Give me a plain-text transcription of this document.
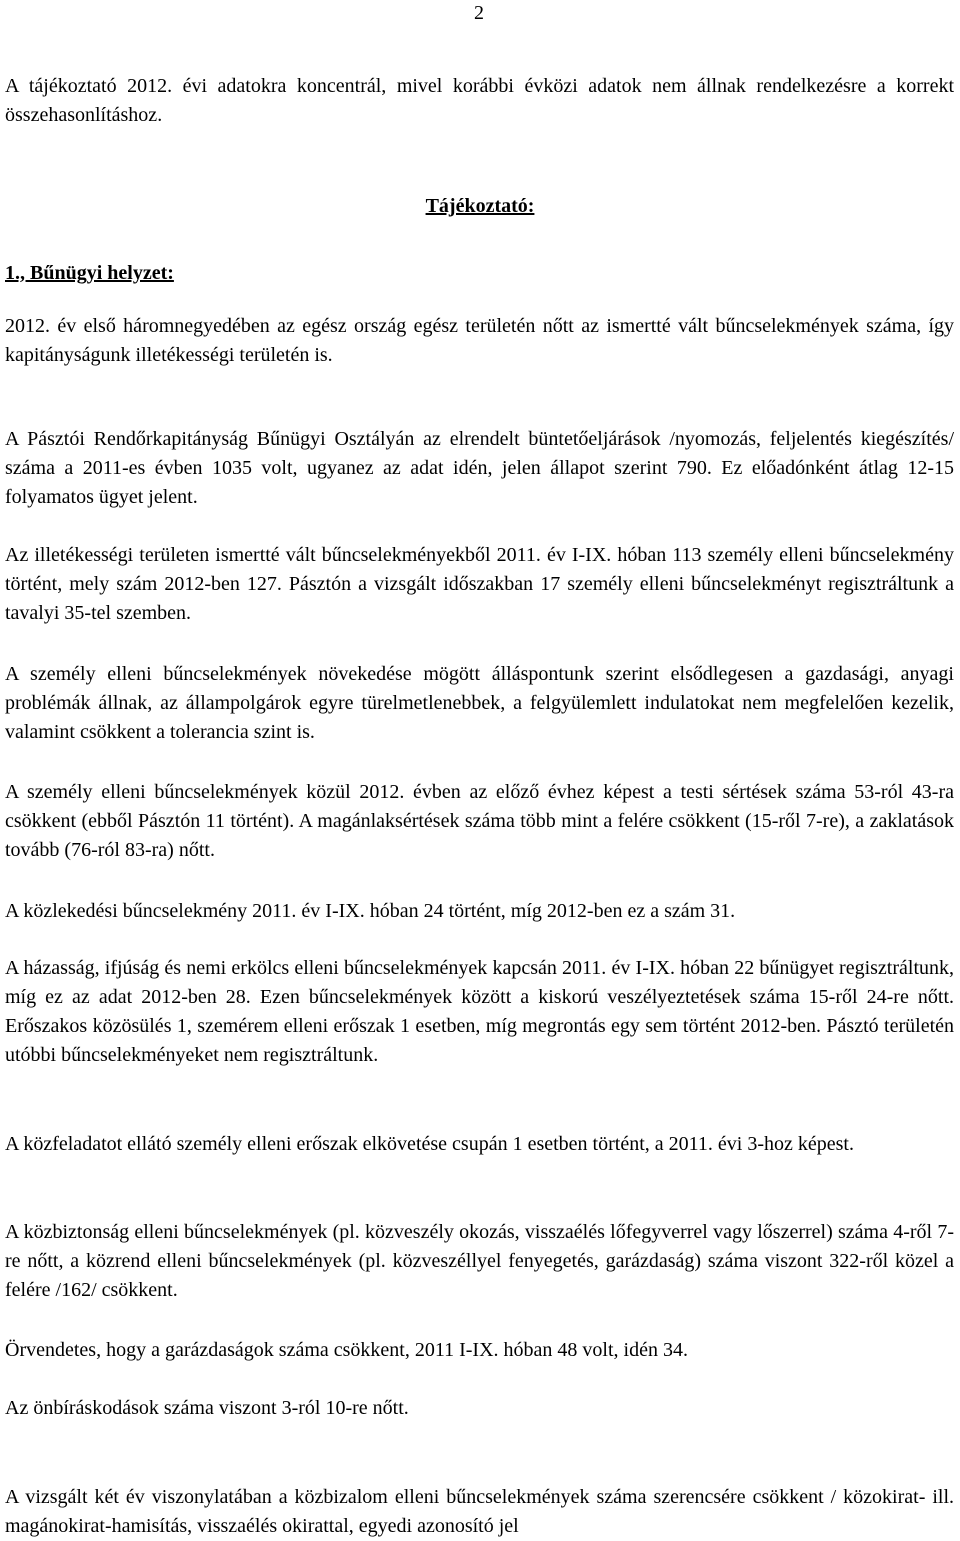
2

A tájékoztató 2012. évi adatokra koncentrál, mivel korábbi évközi adatok nem állnak rendelkezésre a korrekt összehasonlításhoz.

Tájékoztató:

1., Bűnügyi helyzet:

2012. év első háromnegyedében az egész ország egész területén nőtt az ismertté vált bűncselekmények száma, így kapitányságunk illetékességi területén is.

A Pásztói Rendőrkapitányság Bűnügyi Osztályán az elrendelt büntetőeljárások /nyomozás, feljelentés kiegészítés/ száma a 2011-es évben 1035 volt, ugyanez az adat idén, jelen állapot szerint 790. Ez előadónként átlag 12-15 folyamatos ügyet jelent.

Az illetékességi területen ismertté vált bűncselekményekből 2011. év I-IX. hóban 113 személy elleni bűncselekmény történt, mely szám 2012-ben 127. Pásztón a vizsgált időszakban 17 személy elleni bűncselekményt regisztráltunk a tavalyi 35-tel szemben.

A személy elleni bűncselekmények növekedése mögött álláspontunk szerint elsődlegesen a gazdasági, anyagi problémák állnak, az állampolgárok egyre türelmetlenebbek, a felgyülemlett indulatokat nem megfelelően kezelik, valamint csökkent a tolerancia szint is.

A személy elleni bűncselekmények közül 2012. évben az előző évhez képest a testi sértések száma 53-ról 43-ra csökkent (ebből Pásztón 11 történt). A magánlaksértések száma több mint a felére csökkent (15-ről 7-re), a zaklatások tovább (76-ról 83-ra) nőtt.

A közlekedési bűncselekmény 2011. év I-IX. hóban 24 történt, míg 2012-ben ez a szám 31.

A házasság, ifjúság és nemi erkölcs elleni bűncselekmények kapcsán 2011. év I-IX. hóban 22 bűnügyet regisztráltunk, míg ez az adat 2012-ben 28. Ezen bűncselekmények között a kiskorú veszélyeztetések száma 15-ről 24-re nőtt. Erőszakos közösülés 1, szemérem elleni erőszak 1 esetben, míg megrontás egy sem történt 2012-ben. Pásztó területén utóbbi bűncselekményeket nem regisztráltunk.

A közfeladatot ellátó személy elleni erőszak elkövetése csupán 1 esetben történt, a 2011. évi 3-hoz képest.

A közbiztonság elleni bűncselekmények (pl. közveszély okozás, visszaélés lőfegyverrel vagy lőszerrel) száma 4-ről 7-re nőtt, a közrend elleni bűncselekmények (pl. közveszéllyel fenyegetés, garázdaság) száma viszont 322-ről közel a felére /162/ csökkent.

Örvendetes, hogy a garázdaságok száma csökkent, 2011 I-IX. hóban 48 volt, idén 34.

Az önbíráskodások száma viszont 3-ról 10-re nőtt.

A vizsgált két év viszonylatában a közbizalom elleni bűncselekmények száma szerencsére csökkent / közokirat- ill. magánokirat-hamisítás, visszaélés okirattal, egyedi azonosító jel
